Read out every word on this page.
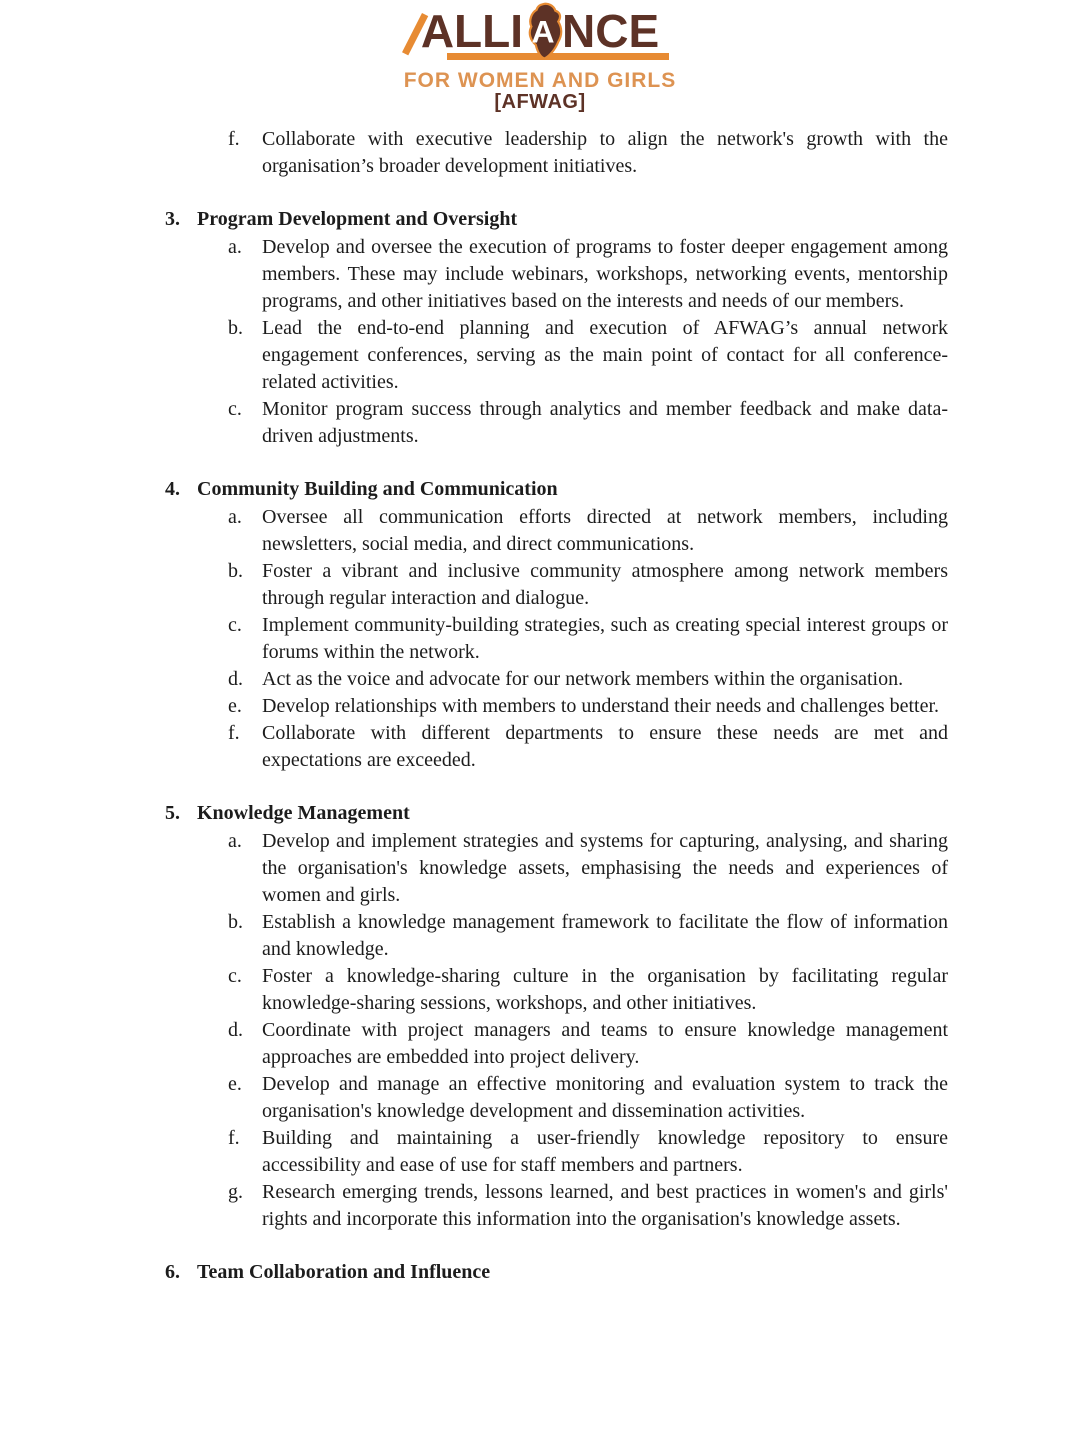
ALLI A NCE
FOR WOMEN AND GIRLS
[AFWAG]
f.	Collaborate with executive leadership to align the network's growth with the organisation’s broader development initiatives.
3. Program Development and Oversight
a.	Develop and oversee the execution of programs to foster deeper engagement among members. These may include webinars, workshops, networking events, mentorship programs, and other initiatives based on the interests and needs of our members.
b. Lead the end-to-end planning and execution of AFWAG’s annual network engagement conferences, serving as the main point of contact for all conference-related activities.
c.	Monitor program success through analytics and member feedback and make data-driven adjustments.
4. Community Building and Communication
a.	Oversee all communication efforts directed at network members, including newsletters, social media, and direct communications.
b. Foster a vibrant and inclusive community atmosphere among network members through regular interaction and dialogue.
c.	Implement community-building strategies, such as creating special interest groups or forums within the network.
d. Act as the voice and advocate for our network members within the organisation.
e.	Develop relationships with members to understand their needs and challenges better.
f.	Collaborate with different departments to ensure these needs are met and expectations are exceeded.
5. Knowledge Management
a.	Develop and implement strategies and systems for capturing, analysing, and sharing the organisation's knowledge assets, emphasising the needs and experiences of women and girls.
b. Establish a knowledge management framework to facilitate the flow of information and knowledge.
c.	Foster a knowledge-sharing culture in the organisation by facilitating regular knowledge-sharing sessions, workshops, and other initiatives.
d. Coordinate with project managers and teams to ensure knowledge management approaches are embedded into project delivery.
e.	Develop and manage an effective monitoring and evaluation system to track the organisation's knowledge development and dissemination activities.
f.	Building and maintaining a user-friendly knowledge repository to ensure accessibility and ease of use for staff members and partners.
g. Research emerging trends, lessons learned, and best practices in women's and girls' rights and incorporate this information into the organisation's knowledge assets.
6. Team Collaboration and Influence
